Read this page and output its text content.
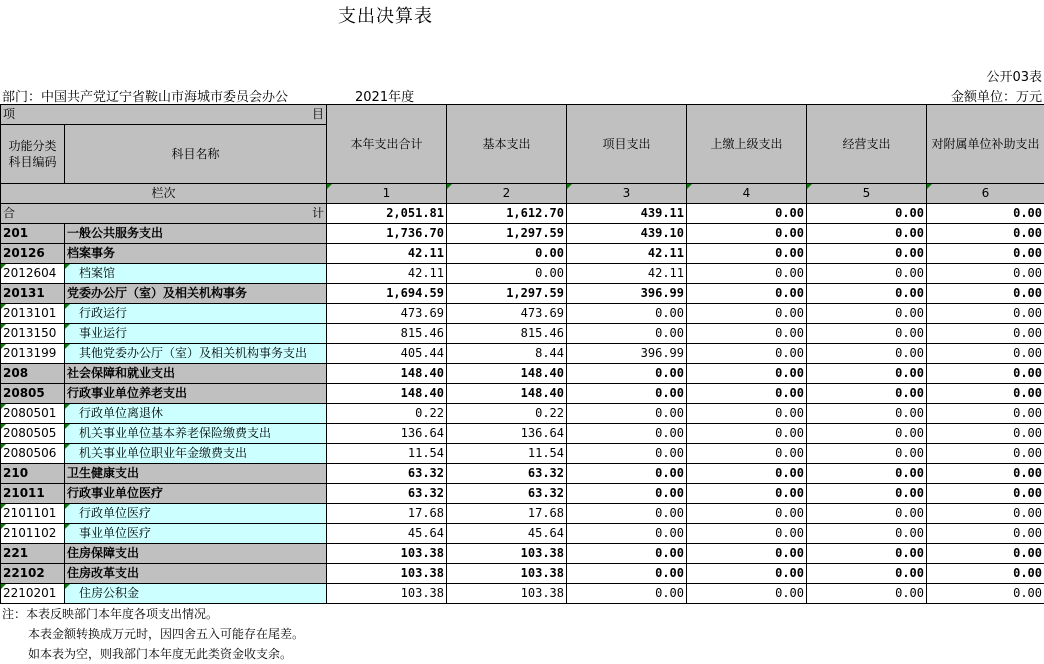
支出决算表
公开03表
部门：中国共产党辽宁省鞍山市海城市委员会办公	2021年度	金额单位：万元
项 目		本年支出合计	基本支出	项目支出	上缴上级支出	经营支出	对附属单位补助支出
功能分类科目编码	科目名称						
栏次		1	2	3	4	5	6

合 计		2,051.81	1,612.70	439.11	0.00	0.00	0.00
201	一般公共服务支出	1,736.70	1,297.59	439.10	0.00	0.00	0.00
20126	档案事务	42.11	0.00	42.11	0.00	0.00	0.00
2012604	档案馆	42.11	0.00	42.11	0.00	0.00	0.00
20131	党委办公厅（室）及相关机构事务	1,694.59	1,297.59	396.99	0.00	0.00	0.00
2013101	行政运行	473.69	473.69	0.00	0.00	0.00	0.00
2013150	事业运行	815.46	815.46	0.00	0.00	0.00	0.00
2013199	其他党委办公厅（室）及相关机构事务支出	405.44	8.44	396.99	0.00	0.00	0.00
208	社会保障和就业支出	148.40	148.40	0.00	0.00	0.00	0.00
20805	行政事业单位养老支出	148.40	148.40	0.00	0.00	0.00	0.00
2080501	行政单位离退休	0.22	0.22	0.00	0.00	0.00	0.00
2080505	机关事业单位基本养老保险缴费支出	136.64	136.64	0.00	0.00	0.00	0.00
2080506	机关事业单位职业年金缴费支出	11.54	11.54	0.00	0.00	0.00	0.00
210	卫生健康支出	63.32	63.32	0.00	0.00	0.00	0.00
21011	行政事业单位医疗	63.32	63.32	0.00	0.00	0.00	0.00
2101101	行政单位医疗	17.68	17.68	0.00	0.00	0.00	0.00
2101102	事业单位医疗	45.64	45.64	0.00	0.00	0.00	0.00
221	住房保障支出	103.38	103.38	0.00	0.00	0.00	0.00
22102	住房改革支出	103.38	103.38	0.00	0.00	0.00	0.00
2210201	住房公积金	103.38	103.38	0.00	0.00	0.00	0.00
注：本表反映部门本年度各项支出情况。
本表金额转换成万元时，因四舍五入可能存在尾差。
如本表为空，则我部门本年度无此类资金收支余。
